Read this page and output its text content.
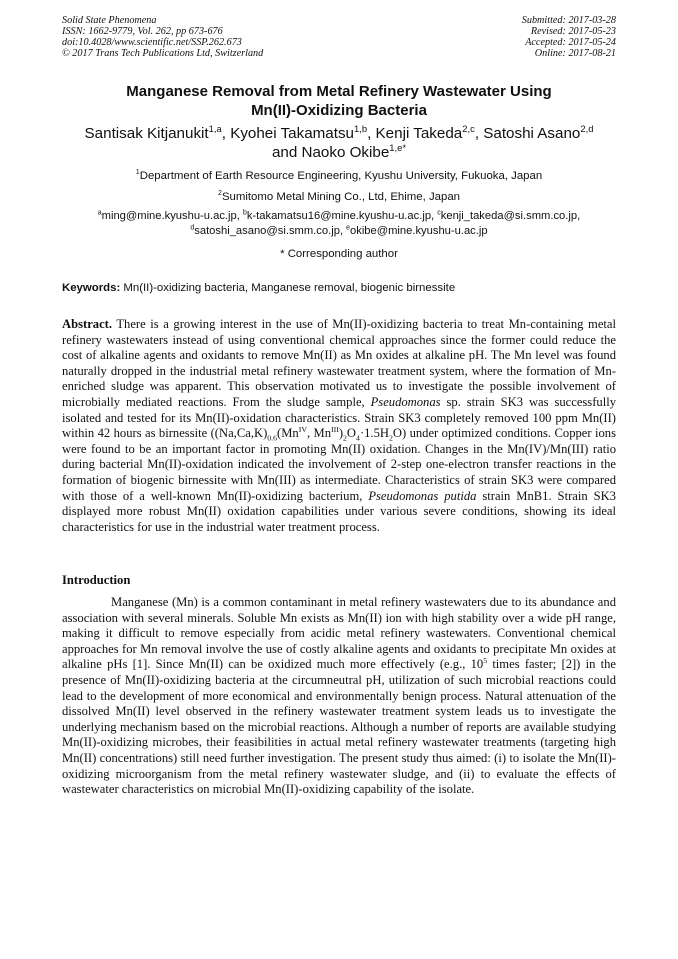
Solid State Phenomena
ISSN: 1662-9779, Vol. 262, pp 673-676
doi:10.4028/www.scientific.net/SSP.262.673
© 2017 Trans Tech Publications Ltd, Switzerland
Submitted: 2017-03-28
Revised: 2017-05-23
Accepted: 2017-05-24
Online: 2017-08-21
Manganese Removal from Metal Refinery Wastewater Using
Mn(II)-Oxidizing Bacteria
Santisak Kitjanukit$^{1,a}$, Kyohei Takamatsu$^{1,b}$, Kenji Takeda$^{2,c}$, Satoshi Asano$^{2,d}$
and Naoko Okibe$^{1,e*}$
$^1$Department of Earth Resource Engineering, Kyushu University, Fukuoka, Japan
$^2$Sumitomo Metal Mining Co., Ltd, Ehime, Japan
$^a$ming@mine.kyushu-u.ac.jp, $^b$k-takamatsu16@mine.kyushu-u.ac.jp, $^c$kenji_takeda@si.smm.co.jp,
$^d$satoshi_asano@si.smm.co.jp, $^e$okibe@mine.kyushu-u.ac.jp
* Corresponding author
Keywords: Mn(II)-oxidizing bacteria, Manganese removal, biogenic birnessite
Abstract. There is a growing interest in the use of Mn(II)-oxidizing bacteria to treat Mn-containing metal refinery wastewaters instead of using conventional chemical approaches since the former could reduce the cost of alkaline agents and oxidants to remove Mn(II) as Mn oxides at alkaline pH. The Mn level was found naturally dropped in the industrial metal refinery wastewater treatment system, where the formation of Mn-enriched sludge was apparent. This observation motivated us to investigate the possible involvement of microbially mediated reactions. From the sludge sample, Pseudomonas sp. strain SK3 was successfully isolated and tested for its Mn(II)-oxidation characteristics. Strain SK3 completely removed 100 ppm Mn(II) within 42 hours as birnessite ($(Na,Ca,K)_{0.6}(Mn^{IV}$, $Mn^{III})_2O_4\cdot 1.5H_2O$) under optimized conditions. Copper ions were found to be an important factor in promoting Mn(II) oxidation. Changes in the Mn(IV)/Mn(III) ratio during bacterial Mn(II)-oxidation indicated the involvement of 2-step one-electron transfer reactions in the formation of biogenic birnessite with Mn(III) as intermediate. Characteristics of strain SK3 were compared with those of a well-known Mn(II)-oxidizing bacterium, Pseudomonas putida strain MnB1. Strain SK3 displayed more robust Mn(II) oxidation capabilities under various severe conditions, showing its ideal characteristics for use in the industrial water treatment process.
Introduction
Manganese (Mn) is a common contaminant in metal refinery wastewaters due to its abundance and association with several minerals. Soluble Mn exists as Mn(II) ion with high stability over a wide pH range, making it difficult to remove especially from acidic metal refinery wastewaters. Conventional chemical approaches for Mn removal involve the use of costly alkaline agents and oxidants to precipitate Mn oxides at alkaline pHs [1]. Since Mn(II) can be oxidized much more effectively (e.g., $10^5$ times faster; [2]) in the presence of Mn(II)-oxidizing bacteria at the circumneutral pH, utilization of such microbial reactions could lead to the development of more economical and environmentally benign process. Natural attenuation of the dissolved Mn(II) level observed in the refinery wastewater treatment system leads us to investigate the underlying mechanism based on the microbial reactions. Although a number of reports are available studying Mn(II)-oxidizing microbes, their feasibilities in actual metal refinery wastewater treatments (targeting high Mn(II) concentrations) still need further investigation. The present study thus aimed: (i) to isolate the Mn(II)-oxidizing microorganism from the metal refinery wastewater sludge, and (ii) to evaluate the effects of wastewater characteristics on microbial Mn(II)-oxidizing capability of the isolate.
